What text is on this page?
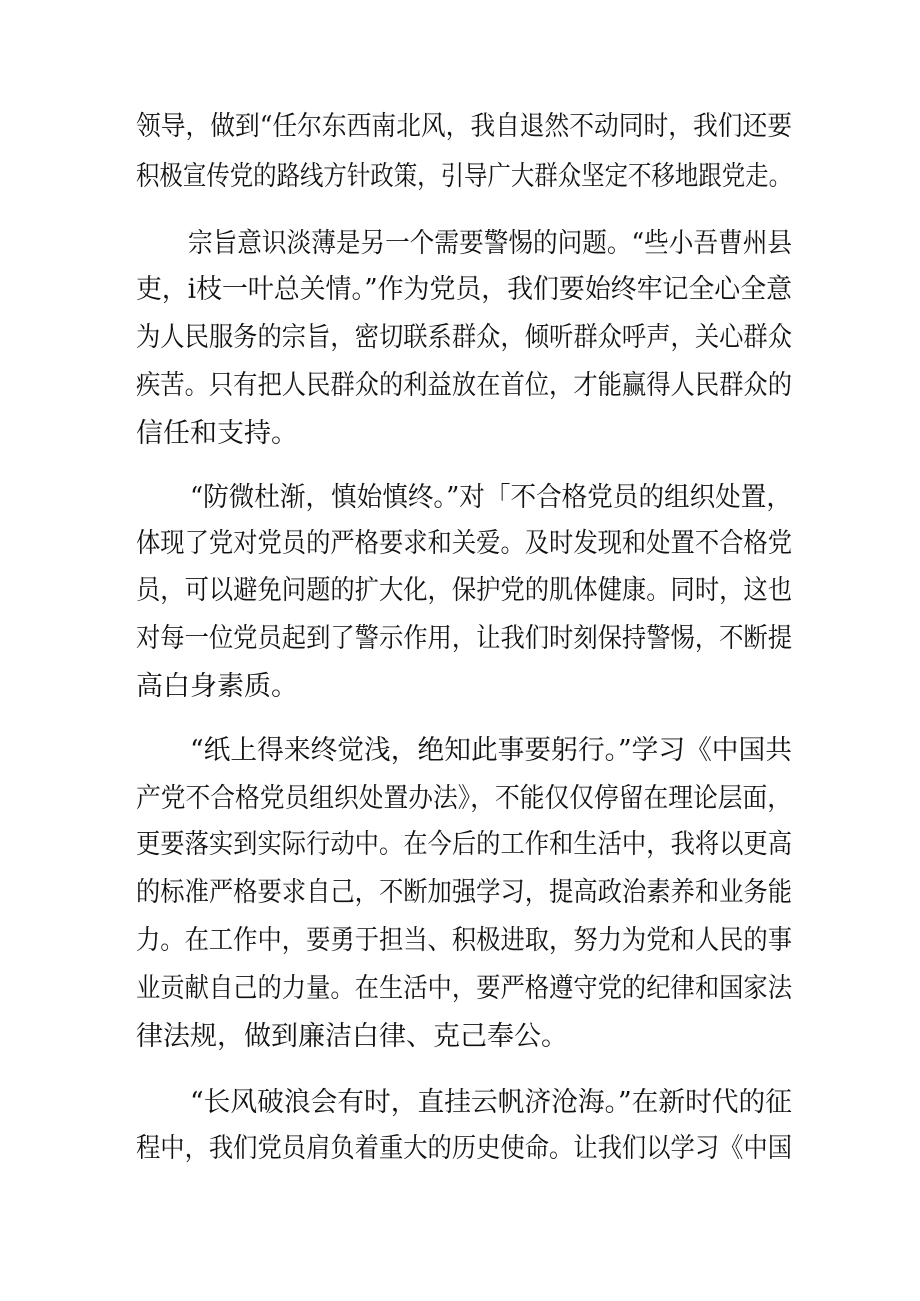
领导，做到“任尔东西南北风，我自退然不动同时，我们还要

积极宣传党的路线方针政策，引导广大群众坚定不移地跟党走。

宗旨意识淡薄是另一个需要警惕的问题。“些小吾曹州县

吏，i枝一叶总关情。”作为党员，我们要始终牢记全心全意

为人民服务的宗旨，密切联系群众，倾听群众呼声，关心群众

疾苦。只有把人民群众的利益放在首位，才能赢得人民群众的

信任和支持。

“防微杜渐，慎始慎终。”对「不合格党员的组织处置，

体现了党对党员的严格要求和关爱。及时发现和处置不合格党

员，可以避免问题的扩大化，保护党的肌体健康。同时，这也

对每一位党员起到了警示作用，让我们时刻保持警惕，不断提

高白身素质。

“纸上得来终觉浅，绝知此事要躬行。”学习《中国共

产党不合格党员组织处置办法》，不能仅仅停留在理论层面，

更要落实到实际行动中。在今后的工作和生活中，我将以更高

的标准严格要求自己，不断加强学习，提高政治素养和业务能

力。在工作中，要勇于担当、积极进取，努力为党和人民的事

业贡献自己的力量。在生活中，要严格遵守党的纪律和国家法

律法规，做到廉洁白律、克己奉公。

“长风破浪会有时，直挂云帆济沧海。”在新时代的征

程中，我们党员肩负着重大的历史使命。让我们以学习《中国
